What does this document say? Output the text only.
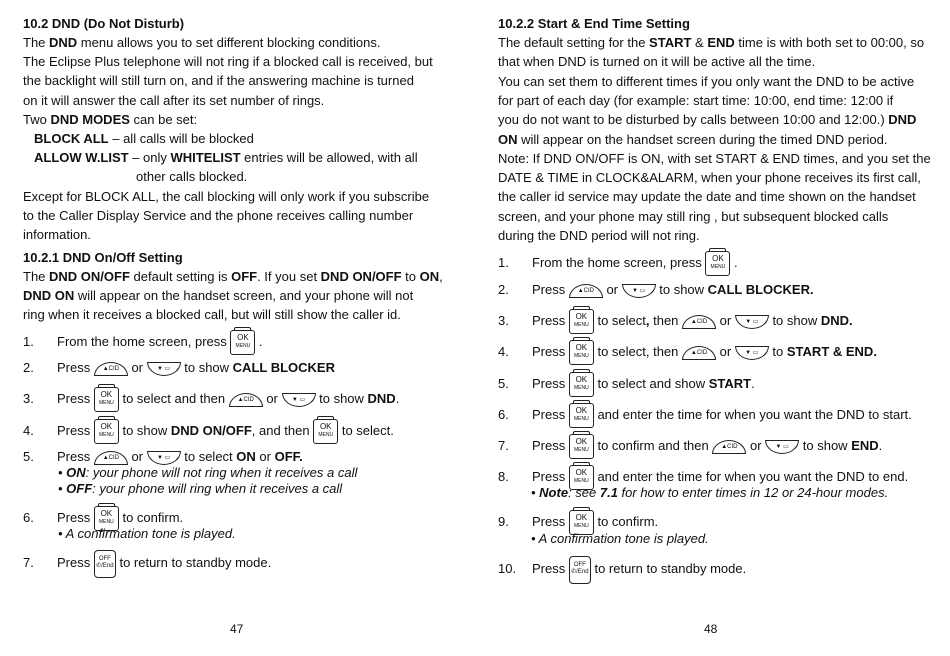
10.2 DND (Do Not Disturb)
The DND menu allows you to set different blocking conditions.
The Eclipse Plus telephone will not ring if a blocked call is received, but
the backlight will still turn on, and if the answering machine is turned
on it will answer the call after its set number of rings.
Two DND MODES can be set:
BLOCK ALL – all calls will be blocked
ALLOW W.LIST – only WHITELIST entries will be allowed, with all
other calls blocked.
Except for BLOCK ALL, the call blocking will only work if you subscribe
to the Caller Display Service and the phone receives calling number
information.
10.2.1 DND On/Off Setting
The DND ON/OFF default setting is OFF. If you set DND ON/OFF to ON,
DND ON will appear on the handset screen, and your phone will not
ring when it receives a blocked call, but will still show the caller id.
1. From the home screen, press OK
MENU .
2. Press ▲CID or ▼ ▭ to show CALL BLOCKER
3. Press OK
MENU to select and then ▲CID or ▼ ▭ to show DND.
4. Press OK
MENU to show DND ON/OFF, and then OK
MENU to select.
5. Press ▲CID or ▼ ▭ to select ON or OFF.
6. Press OK
MENU to confirm.
7. Press OFF
✆/End to return to standby mode.
• ON: your phone will not ring when it receives a call
• OFF: your phone will ring when it receives a call
• A confirmation tone is played.
47
10.2.2 Start & End Time Setting
The default setting for the START & END time is with both set to 00:00, so
that when DND is turned on it will be active all the time.
You can set them to different times if you only want the DND to be active
for part of each day (for example: start time: 10:00, end time: 12:00 if
you do not want to be disturbed by calls between 10:00 and 12:00.) DND
ON will appear on the handset screen during the timed DND period.
Note: If DND ON/OFF is ON, with set START & END times, and you set the
DATE & TIME in CLOCK&ALARM, when your phone receives its first call,
the caller id service may update the date and time shown on the handset
screen, and your phone may still ring , but subsequent blocked calls
during the DND period will not ring.
1. From the home screen, press OK
MENU .
2. Press ▲CID or ▼ ▭ to show CALL BLOCKER.
3. Press OK
MENU to select, then ▲CID or ▼ ▭ to show DND.
4. Press OK
MENU to select, then ▲CID or ▼ ▭ to START & END.
5. Press OK
MENU to select and show START.
6. Press OK
MENU and enter the time for when you want the DND to start.
7. Press OK
MENU to confirm and then ▲CID or ▼ ▭ to show END.
8. Press OK
MENU and enter the time for when you want the DND to end.
9. Press OK
MENU to confirm.
10. Press OFF
✆/End to return to standby mode.
• Note: see 7.1 for how to enter times in 12 or 24-hour modes.
• A confirmation tone is played.
48
